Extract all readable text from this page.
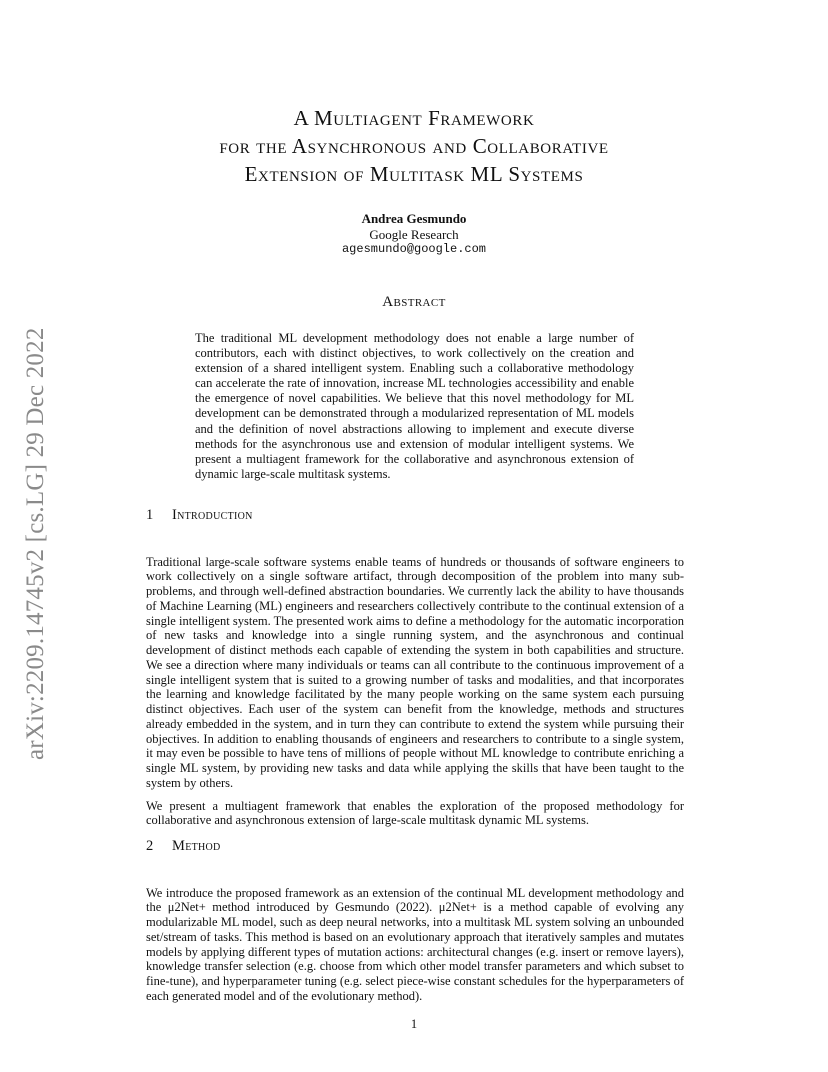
arXiv:2209.14745v2 [cs.LG] 29 Dec 2022
A Multiagent Framework
for the Asynchronous and Collaborative
Extension of Multitask ML Systems
Andrea Gesmundo
Google Research
agesmundo@google.com
Abstract
The traditional ML development methodology does not enable a large number of contributors, each with distinct objectives, to work collectively on the creation and extension of a shared intelligent system. Enabling such a collaborative methodology can accelerate the rate of innovation, increase ML technologies accessibility and enable the emergence of novel capabilities. We believe that this novel methodology for ML development can be demonstrated through a modularized representation of ML models and the definition of novel abstractions allowing to implement and execute diverse methods for the asynchronous use and extension of modular intelligent systems. We present a multiagent framework for the collaborative and asynchronous extension of dynamic large-scale multitask systems.
1 Introduction

Traditional large-scale software systems enable teams of hundreds or thousands of software engineers to work collectively on a single software artifact, through decomposition of the problem into many sub-problems, and through well-defined abstraction boundaries. We currently lack the ability to have thousands of Machine Learning (ML) engineers and researchers collectively contribute to the continual extension of a single intelligent system. The presented work aims to define a methodology for the automatic incorporation of new tasks and knowledge into a single running system, and the asynchronous and continual development of distinct methods each capable of extending the system in both capabilities and structure. We see a direction where many individuals or teams can all contribute to the continuous improvement of a single intelligent system that is suited to a growing number of tasks and modalities, and that incorporates the learning and knowledge facilitated by the many people working on the same system each pursuing distinct objectives. Each user of the system can benefit from the knowledge, methods and structures already embedded in the system, and in turn they can contribute to extend the system while pursuing their objectives. In addition to enabling thousands of engineers and researchers to contribute to a single system, it may even be possible to have tens of millions of people without ML knowledge to contribute enriching a single ML system, by providing new tasks and data while applying the skills that have been taught to the system by others.

We present a multiagent framework that enables the exploration of the proposed methodology for collaborative and asynchronous extension of large-scale multitask dynamic ML systems.

2 Method

We introduce the proposed framework as an extension of the continual ML development methodology and the μ2Net+ method introduced by Gesmundo (2022). μ2Net+ is a method capable of evolving any modularizable ML model, such as deep neural networks, into a multitask ML system solving an unbounded set/stream of tasks. This method is based on an evolutionary approach that iteratively samples and mutates models by applying different types of mutation actions: architectural changes (e.g. insert or remove layers), knowledge transfer selection (e.g. choose from which other model transfer parameters and which subset to fine-tune), and hyperparameter tuning (e.g. select piece-wise constant schedules for the hyperparameters of each generated model and of the evolutionary method).

1
